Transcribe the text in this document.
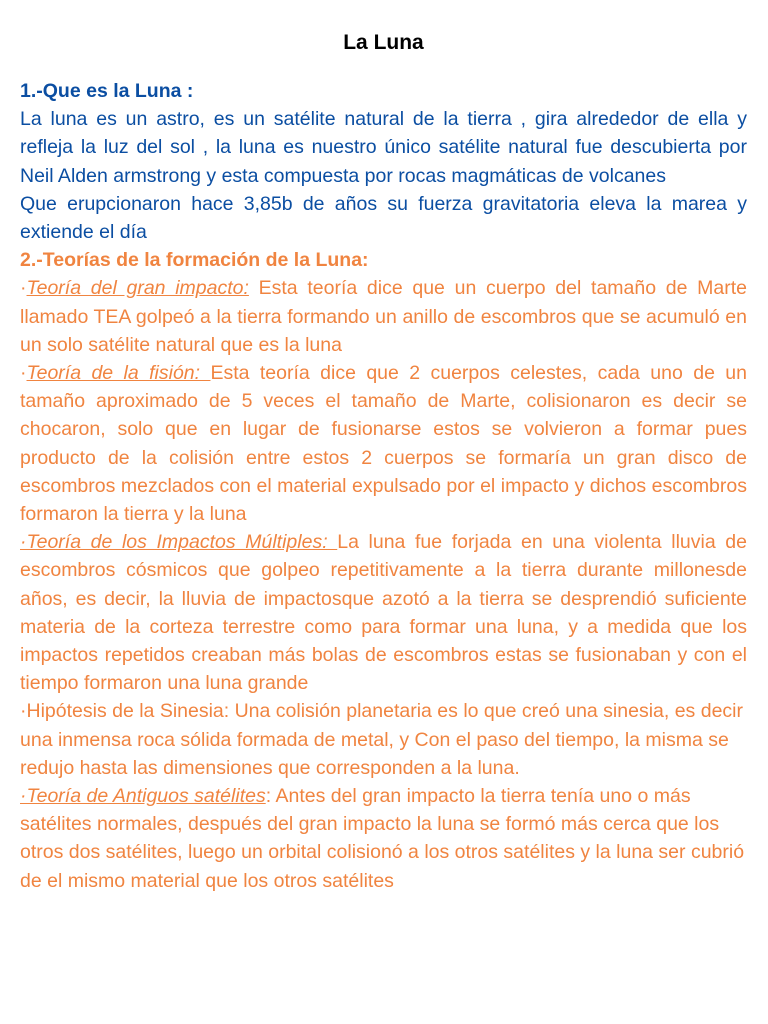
La Luna

1.-Que es la Luna :

La luna es un astro, es un satélite natural de la tierra , gira alrededor de ella y refleja la luz del sol , la luna es nuestro único satélite natural fue descubierta por Neil Alden armstrong y esta compuesta por rocas magmáticas de volcanes

Que erupcionaron hace 3,85b de años su fuerza gravitatoria eleva la marea y extiende el día

2.-Teorías de la formación de la Luna:

·Teoría del gran impacto: Esta teoría dice que un cuerpo del tamaño de Marte llamado TEA golpeó a la tierra formando un anillo de escombros que se acumuló en un solo satélite natural que es la luna

·Teoría de la fisión: Esta teoría dice que 2 cuerpos celestes, cada uno de un tamaño aproximado de 5 veces el tamaño de Marte, colisionaron es decir se chocaron, solo que en lugar de fusionarse estos se volvieron a formar pues producto de la colisión entre estos 2 cuerpos se formaría un gran disco de escombros mezclados con el material expulsado por el impacto y dichos escombros formaron la tierra y la luna

·Teoría de los Impactos Múltiples: La luna fue forjada en una violenta lluvia de escombros cósmicos que golpeo repetitivamente a la tierra durante millonesde años, es decir, la lluvia de impactosque azotó a la tierra se desprendió suficiente materia de la corteza terrestre como para formar una luna, y a medida que los impactos repetidos creaban más bolas de escombros estas se fusionaban y con el tiempo formaron una luna grande

·Hipótesis de la Sinesia: Una colisión planetaria es lo que creó una sinesia, es decir una inmensa roca sólida formada de metal, y Con el paso del tiempo, la misma se redujo hasta las dimensiones que corresponden a la luna.

·Teoría de Antiguos satélites: Antes del gran impacto la tierra tenía uno o más satélites normales, después del gran impacto la luna se formó más cerca que los otros dos satélites, luego un orbital colisionó a los otros satélites y la luna ser cubrió de el mismo material que los otros satélites
